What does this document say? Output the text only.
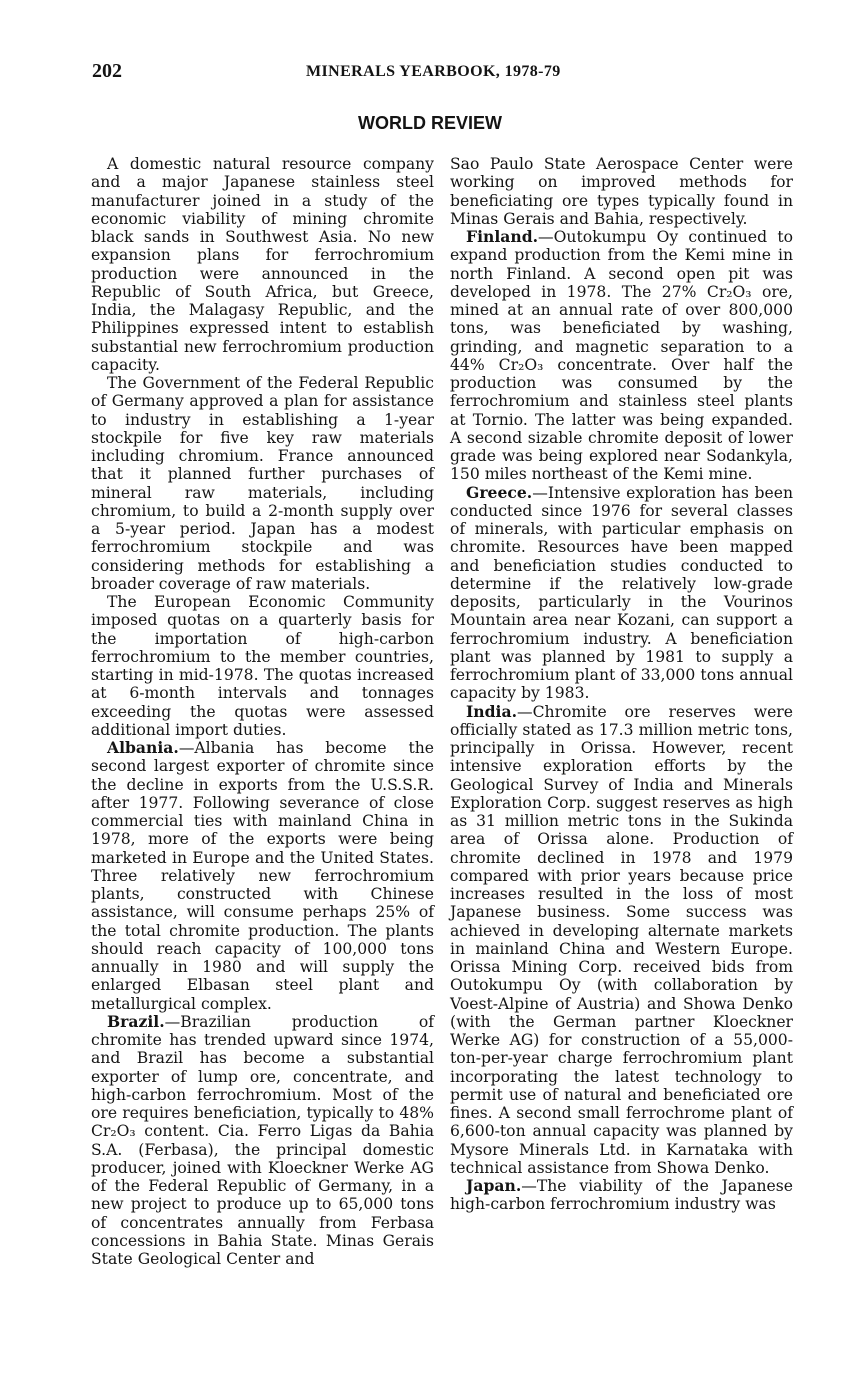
202	MINERALS YEARBOOK, 1978-79
WORLD REVIEW

A domestic natural resource company and a major Japanese stainless steel manufacturer joined in a study of the economic viability of mining chromite black sands in Southwest Asia. No new expansion plans for ferrochromium production were announced in the Republic of South Africa, but Greece, India, the Malagasy Republic, and the Philippines expressed intent to establish substantial new ferrochromium production capacity.

The Government of the Federal Republic of Germany approved a plan for assistance to industry in establishing a 1-year stockpile for five key raw materials including chromium. France announced that it planned further purchases of mineral raw materials, including chromium, to build a 2-month supply over a 5-year period. Japan has a modest ferrochromium stockpile and was considering methods for establishing a broader coverage of raw materials.

The European Economic Community imposed quotas on a quarterly basis for the importation of high-carbon ferrochromium to the member countries, starting in mid-1978. The quotas increased at 6-month intervals and tonnages exceeding the quotas were assessed additional import duties.

Albania.—Albania has become the second largest exporter of chromite since the decline in exports from the U.S.S.R. after 1977. Following severance of close commercial ties with mainland China in 1978, more of the exports were being marketed in Europe and the United States. Three relatively new ferrochromium plants, constructed with Chinese assistance, will consume perhaps 25% of the total chromite production. The plants should reach capacity of 100,000 tons annually in 1980 and will supply the enlarged Elbasan steel plant and metallurgical complex.

Brazil.—Brazilian production of chromite has trended upward since 1974, and Brazil has become a substantial exporter of lump ore, concentrate, and high-carbon ferrochromium. Most of the ore requires beneficiation, typically to 48% Cr₂O₃ content. Cia. Ferro Ligas da Bahia S.A. (Ferbasa), the principal domestic producer, joined with Kloeckner Werke AG of the Federal Republic of Germany, in a new project to produce up to 65,000 tons of concentrates annually from Ferbasa concessions in Bahia State. Minas Gerais State Geological Center and

Sao Paulo State Aerospace Center were working on improved methods for beneficiating ore types typically found in Minas Gerais and Bahia, respectively.

Finland.—Outokumpu Oy continued to expand production from the Kemi mine in north Finland. A second open pit was developed in 1978. The 27% Cr₂O₃ ore, mined at an annual rate of over 800,000 tons, was beneficiated by washing, grinding, and magnetic separation to a 44% Cr₂O₃ concentrate. Over half the production was consumed by the ferrochromium and stainless steel plants at Tornio. The latter was being expanded. A second sizable chromite deposit of lower grade was being explored near Sodankyla, 150 miles northeast of the Kemi mine.

Greece.—Intensive exploration has been conducted since 1976 for several classes of minerals, with particular emphasis on chromite. Resources have been mapped and beneficiation studies conducted to determine if the relatively low-grade deposits, particularly in the Vourinos Mountain area near Kozani, can support a ferrochromium industry. A beneficiation plant was planned by 1981 to supply a ferrochromium plant of 33,000 tons annual capacity by 1983.

India.—Chromite ore reserves were officially stated as 17.3 million metric tons, principally in Orissa. However, recent intensive exploration efforts by the Geological Survey of India and Minerals Exploration Corp. suggest reserves as high as 31 million metric tons in the Sukinda area of Orissa alone. Production of chromite declined in 1978 and 1979 compared with prior years because price increases resulted in the loss of most Japanese business. Some success was achieved in developing alternate markets in mainland China and Western Europe. Orissa Mining Corp. received bids from Outokumpu Oy (with collaboration by Voest-Alpine of Austria) and Showa Denko (with the German partner Kloeckner Werke AG) for construction of a 55,000-ton-per-year charge ferrochromium plant incorporating the latest technology to permit use of natural and beneficiated ore fines. A second small ferrochrome plant of 6,600-ton annual capacity was planned by Mysore Minerals Ltd. in Karnataka with technical assistance from Showa Denko.

Japan.—The viability of the Japanese high-carbon ferrochromium industry was
